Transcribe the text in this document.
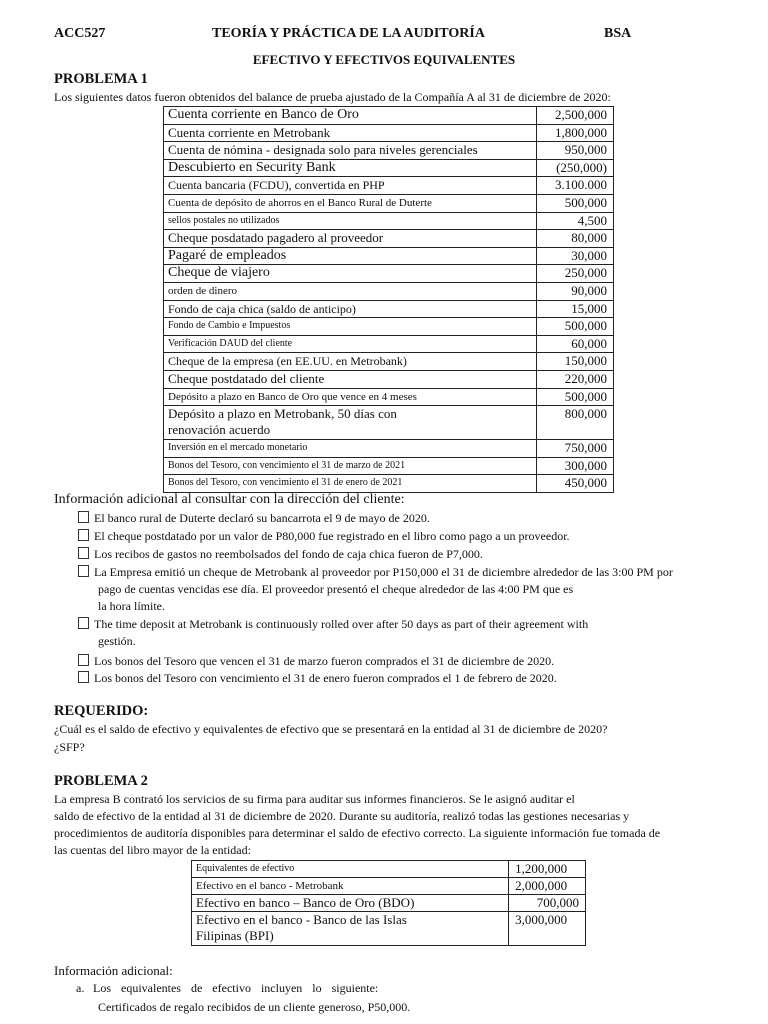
ACC527	TEORÍA Y PRÁCTICA DE LA AUDITORÍA	BSA
EFECTIVO Y EFECTIVOS EQUIVALENTES
PROBLEMA 1
Los siguientes datos fueron obtenidos del balance de prueba ajustado de la Compañía A al 31 de diciembre de 2020:
Cuenta corriente en Banco de Oro	2,500,000
Cuenta corriente en Metrobank	1,800,000
Cuenta de nómina - designada solo para niveles gerenciales	950,000
Descubierto en Security Bank	(250,000)
Cuenta bancaria (FCDU), convertida en PHP	3.100.000
Cuenta de depósito de ahorros en el Banco Rural de Duterte	500,000
sellos postales no utilizados	4,500
Cheque posdatado pagadero al proveedor	80,000
Pagaré de empleados	30,000
Cheque de viajero	250,000
orden de dinero	90,000
Fondo de caja chica (saldo de anticipo)	15,000
Fondo de Cambio e Impuestos	500,000
Verificación DAUD del cliente	60,000
Cheque de la empresa (en EE.UU. en Metrobank)	150,000
Cheque postdatado del cliente	220,000
Depósito a plazo en Banco de Oro que vence en 4 meses	500,000
Depósito a plazo en Metrobank, 50 días con renovación acuerdo	800,000
Inversión en el mercado monetario	750,000
Bonos del Tesoro, con vencimiento el 31 de marzo de 2021	300,000
Bonos del Tesoro, con vencimiento el 31 de enero de 2021	450,000
Información adicional al consultar con la dirección del cliente:
El banco rural de Duterte declaró su bancarrota el 9 de mayo de 2020.
El cheque postdatado por un valor de P80,000 fue registrado en el libro como pago a un proveedor.
Los recibos de gastos no reembolsados del fondo de caja chica fueron de P7,000.
La Empresa emitió un cheque de Metrobank al proveedor por P150,000 el 31 de diciembre alrededor de las 3:00 PM por
pago de cuentas vencidas ese día. El proveedor presentó el cheque alrededor de las 4:00 PM que es
la hora límite.
The time deposit at Metrobank is continuously rolled over after 50 days as part of their agreement with
gestión.
Los bonos del Tesoro que vencen el 31 de marzo fueron comprados el 31 de diciembre de 2020.
Los bonos del Tesoro con vencimiento el 31 de enero fueron comprados el 1 de febrero de 2020.
REQUERIDO:
¿Cuál es el saldo de efectivo y equivalentes de efectivo que se presentará en la entidad al 31 de diciembre de 2020?
¿SFP?
PROBLEMA 2
La empresa B contrató los servicios de su firma para auditar sus informes financieros. Se le asignó auditar el
saldo de efectivo de la entidad al 31 de diciembre de 2020. Durante su auditoría, realizó todas las gestiones necesarias y
procedimientos de auditoría disponibles para determinar el saldo de efectivo correcto. La siguiente información fue tomada de
las cuentas del libro mayor de la entidad:
Equivalentes de efectivo	1,200,000
Efectivo en el banco - Metrobank	2,000,000
Efectivo en banco – Banco de Oro (BDO)	700,000
Efectivo en el banco - Banco de las Islas Filipinas (BPI)	3,000,000
Información adicional:
a. Los equivalentes de efectivo incluyen lo siguiente:
Certificados de regalo recibidos de un cliente generoso, P50,000.
